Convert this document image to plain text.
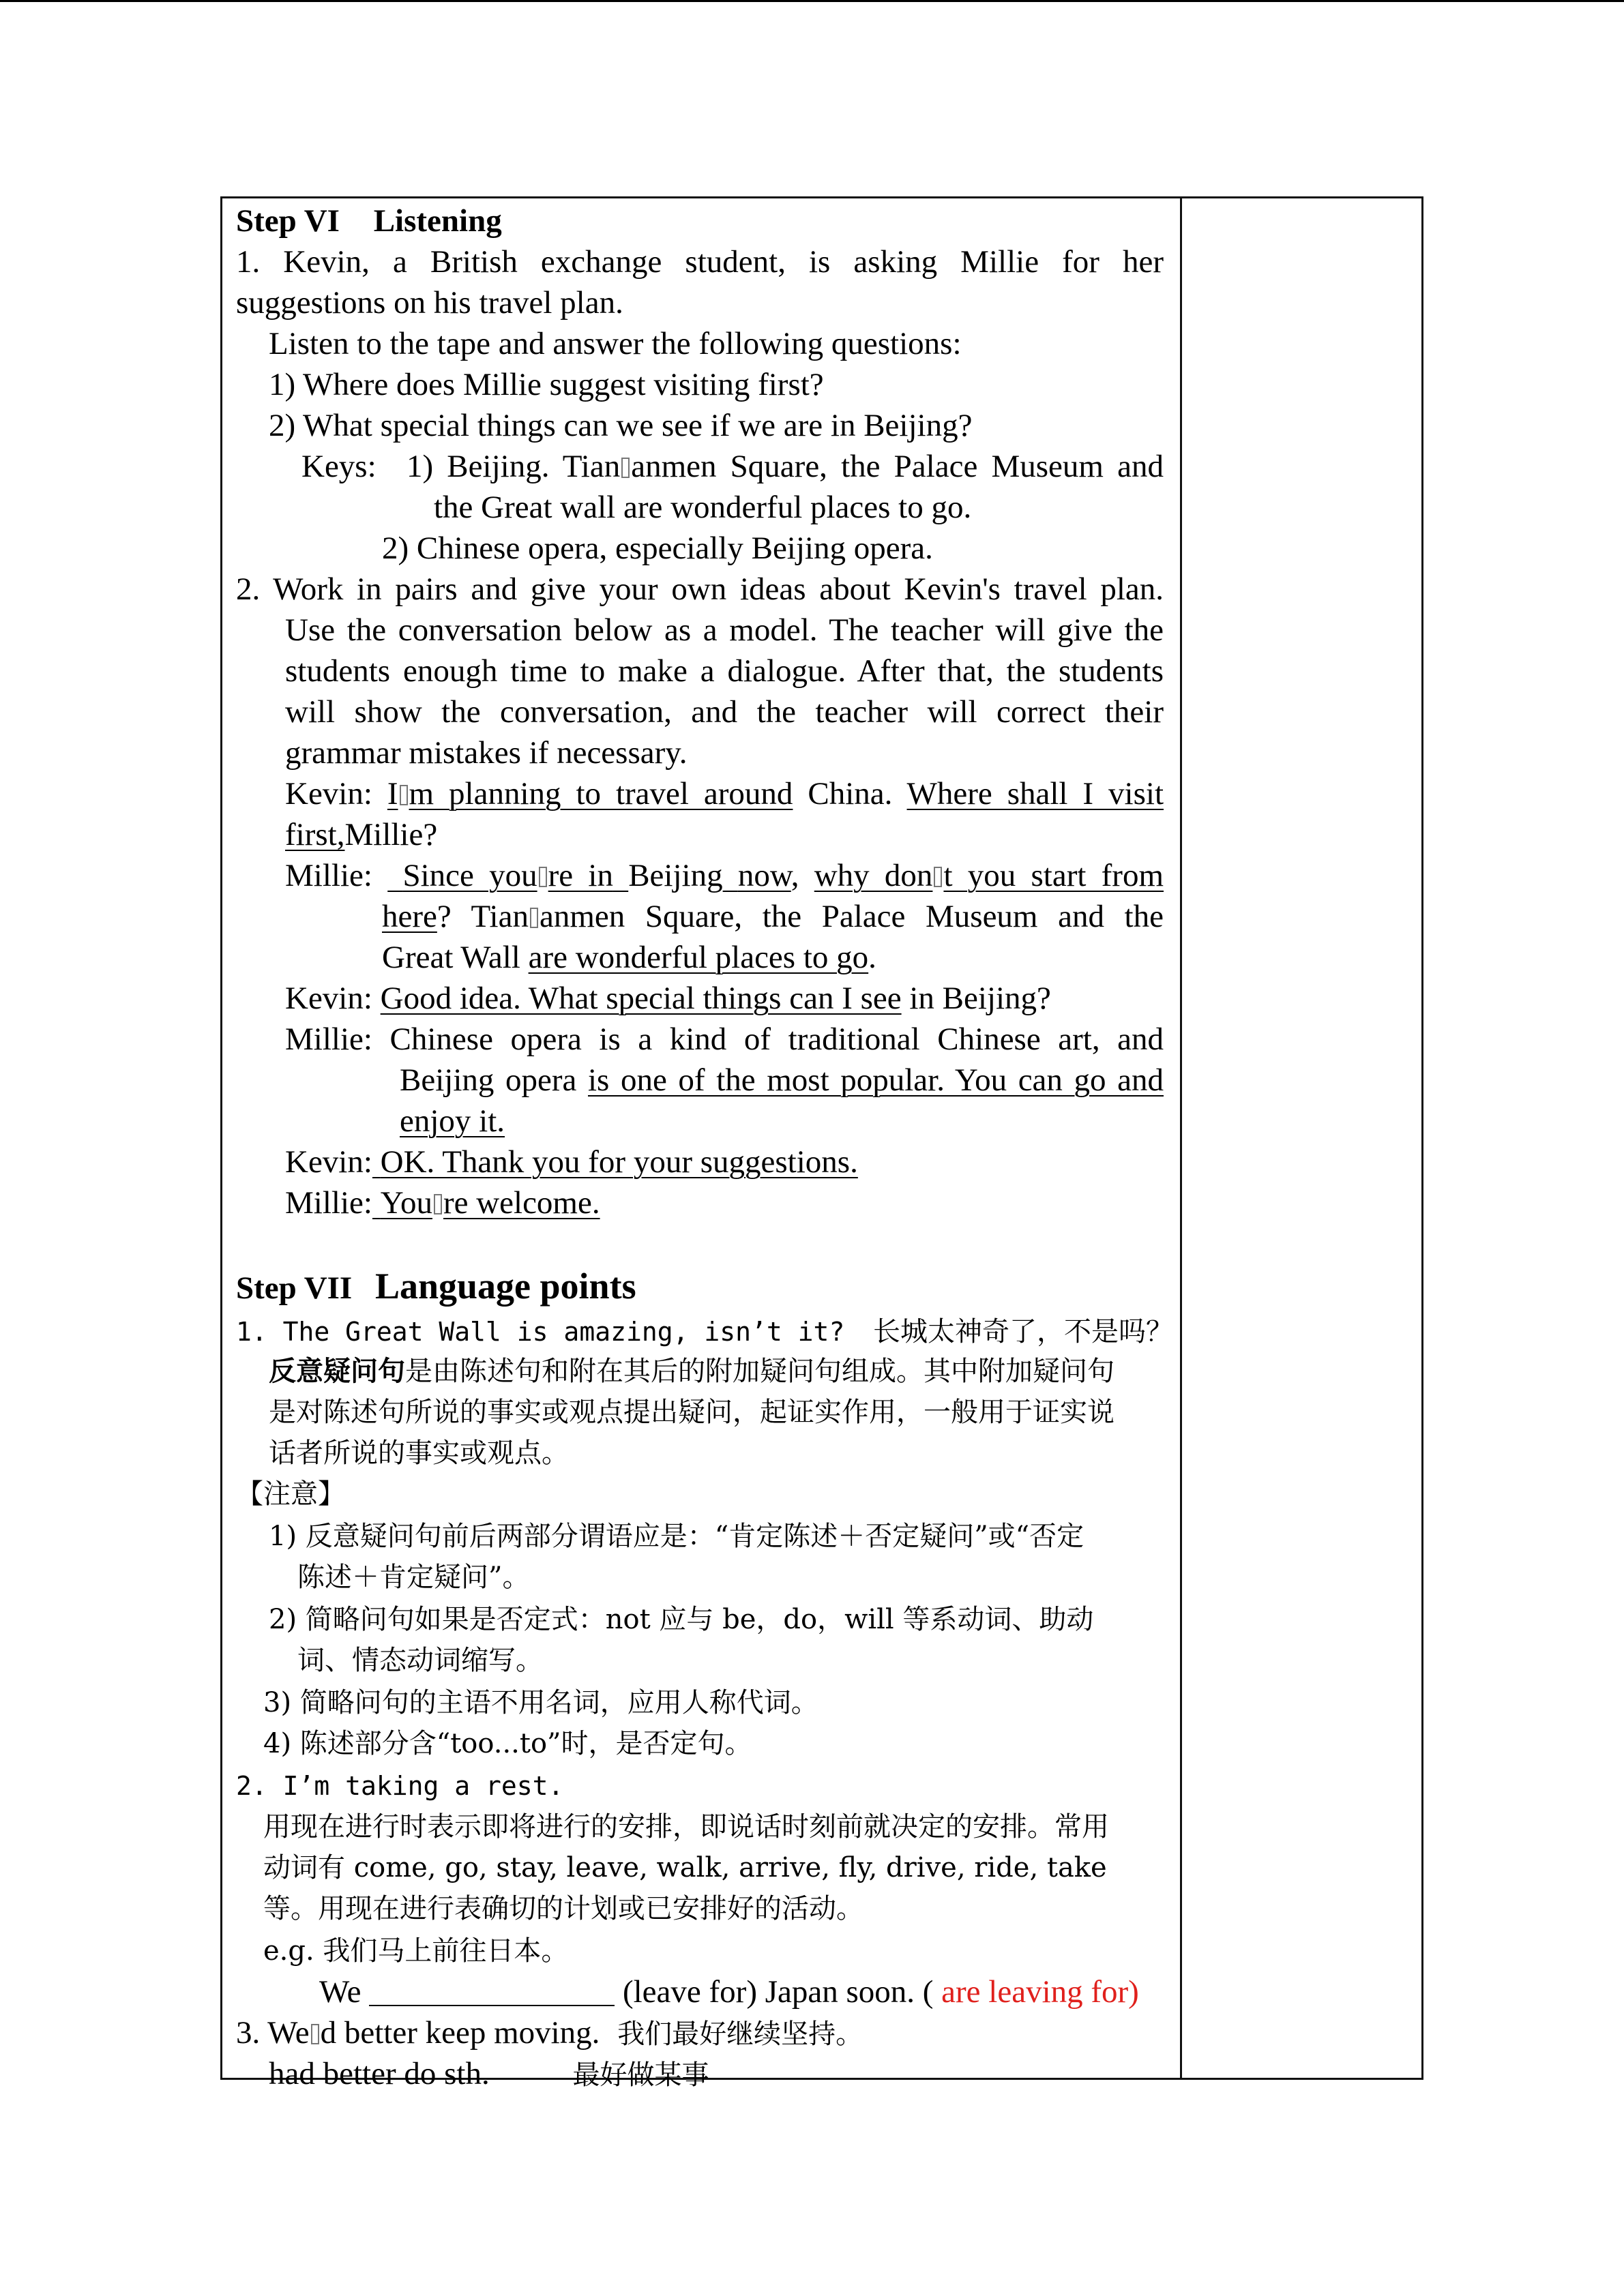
Step VI Listening
1. Kevin, a British exchange student, is asking Millie for her
suggestions on his travel plan.
Listen to the tape and answer the following questions:
1) Where does Millie suggest visiting first?
2) What special things can we see if we are in Beijing?
Keys: 1) Beijing. Tian anmen Square, the Palace Museum and
the Great wall are wonderful places to go.
2) Chinese opera, especially Beijing opera.
2. Work in pairs and give your own ideas about Kevin's travel plan.
Use the conversation below as a model. The teacher will give the
students enough time to make a dialogue. After that, the students
will show the conversation, and the teacher will correct their
grammar mistakes if necessary.
Kevin: I m planning to travel around China. Where shall I visit
first,Millie?
Millie: Since you re in Beijing now, why don t you start from
here? Tian anmen Square, the Palace Museum and the
Great Wall are wonderful places to go.
Kevin: Good idea. What special things can I see in Beijing?
Millie: Chinese opera is a kind of traditional Chinese art, and
Beijing opera is one of the most popular. You can go and
enjoy it.
Kevin: OK. Thank you for your suggestions.
Millie: You re welcome.
Step VII Language points
1. The Great Wall is amazing, isn’t it? 长城太神奇了，不是吗？
反意疑问句是由陈述句和附在其后的附加疑问句组成。其中附加疑问句
是对陈述句所说的事实或观点提出疑问，起证实作用，一般用于证实说
话者所说的事实或观点。
【注意】
1) 反意疑问句前后两部分谓语应是：“肯定陈述＋否定疑问”或“否定
陈述＋肯定疑问”。
2) 简略问句如果是否定式：not 应与 be，do，will 等系动词、助动
词、情态动词缩写。
3) 简略问句的主语不用名词，应用人称代词。
4) 陈述部分含“too...to”时，是否定句。
2. I’m taking a rest.
用现在进行时表示即将进行的安排，即说话时刻前就决定的安排。常用
动词有 come, go, stay, leave, walk, arrive, fly, drive, ride, take
等。用现在进行表确切的计划或已安排好的活动。
e.g. 我们马上前往日本。
We	(leave for) Japan soon. ( are leaving for)
3. We d better keep moving. 我们最好继续坚持。
had better do sth.	最好做某事
